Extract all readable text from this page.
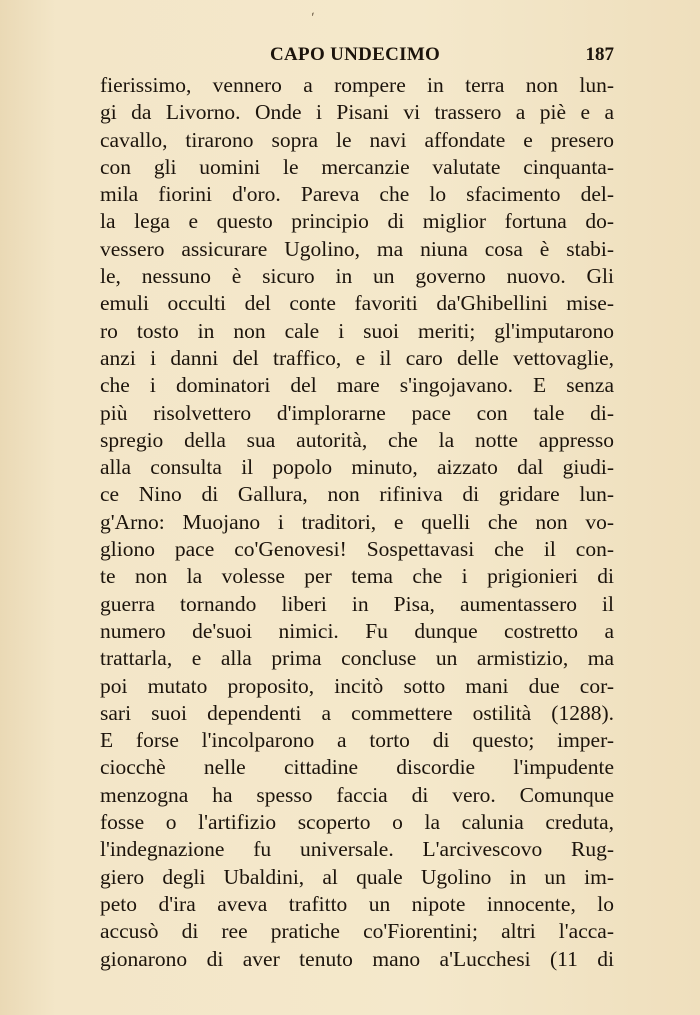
´
CAPO UNDECIMO	187
fierissimo, vennero a rompere in terra non lun-
gi da Livorno. Onde i Pisani vi trassero a piè e a
cavallo, tirarono sopra le navi affondate e presero
con gli uomini le mercanzie valutate cinquanta-
mila fiorini d'oro. Pareva che lo sfacimento del-
la lega e questo principio di miglior fortuna do-
vessero assicurare Ugolino, ma niuna cosa è stabi-
le, nessuno è sicuro in un governo nuovo. Gli
emuli occulti del conte favoriti da'Ghibellini mise-
ro tosto in non cale i suoi meriti; gl'imputarono
anzi i danni del traffico, e il caro delle vettovaglie,
che i dominatori del mare s'ingojavano. E senza
più risolvettero d'implorarne pace con tale di-
spregio della sua autorità, che la notte appresso
alla consulta il popolo minuto, aizzato dal giudi-
ce Nino di Gallura, non rifiniva di gridare lun-
g'Arno: Muojano i traditori, e quelli che non vo-
gliono pace co'Genovesi! Sospettavasi che il con-
te non la volesse per tema che i prigionieri di
guerra tornando liberi in Pisa, aumentassero il
numero de'suoi nimici. Fu dunque costretto a
trattarla, e alla prima concluse un armistizio, ma
poi mutato proposito, incitò sotto mani due cor-
sari suoi dependenti a commettere ostilità (1288).
E forse l'incolparono a torto di questo; imper-
ciocchè nelle cittadine discordie l'impudente
menzogna ha spesso faccia di vero. Comunque
fosse o l'artifizio scoperto o la calunia creduta,
l'indegnazione fu universale. L'arcivescovo Rug-
giero degli Ubaldini, al quale Ugolino in un im-
peto d'ira aveva trafitto un nipote innocente, lo
accusò di ree pratiche co'Fiorentini; altri l'acca-
gionarono di aver tenuto mano a'Lucchesi (11 di
